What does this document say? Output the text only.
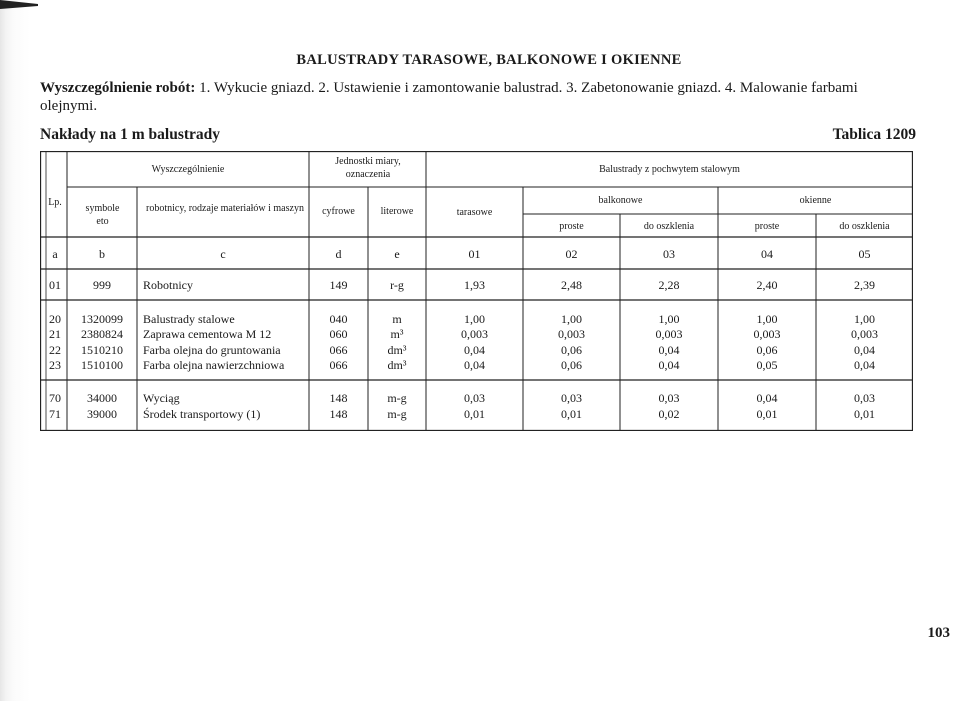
BALUSTRADY TARASOWE, BALKONOWE I OKIENNE
Wyszczególnienie robót: 1. Wykucie gniazd. 2. Ustawienie i zamontowanie balustrad. 3. Zabetonowanie gniazd. 4. Malowanie farbami olejnymi.
Nakłady na 1 m balustrady	Tablica 1209
Lp.
Wyszczególnienie
symbole eto
robotnicy, rodzaje materiałów i maszyn
Jednostki miary, oznaczenia
cyfrowe	literowe
Balustrady z pochwytem stalowym
tarasowe
balkonowe	okienne
proste	do oszklenia	proste	do oszklenia
a	b	c	d	e	01	02	03	04	05
01	999	Robotnicy	149	r-g	1,93	2,48	2,28	2,40	2,39
20	1320099	Balustrady stalowe	040	m	1,00	1,00	1,00	1,00	1,00
21	2380824	Zaprawa cementowa M 12	060	m³	0,003	0,003	0,003	0,003	0,003
22	1510210	Farba olejna do gruntowania	066	dm³	0,04	0,06	0,04	0,06	0,04
23	1510100	Farba olejna nawierzchniowa	066	dm³	0,04	0,06	0,04	0,05	0,04
70	34000	Wyciąg	148	m-g	0,03	0,03	0,03	0,04	0,03
71	39000	Środek transportowy (1)	148	m-g	0,01	0,01	0,02	0,01	0,01
103
